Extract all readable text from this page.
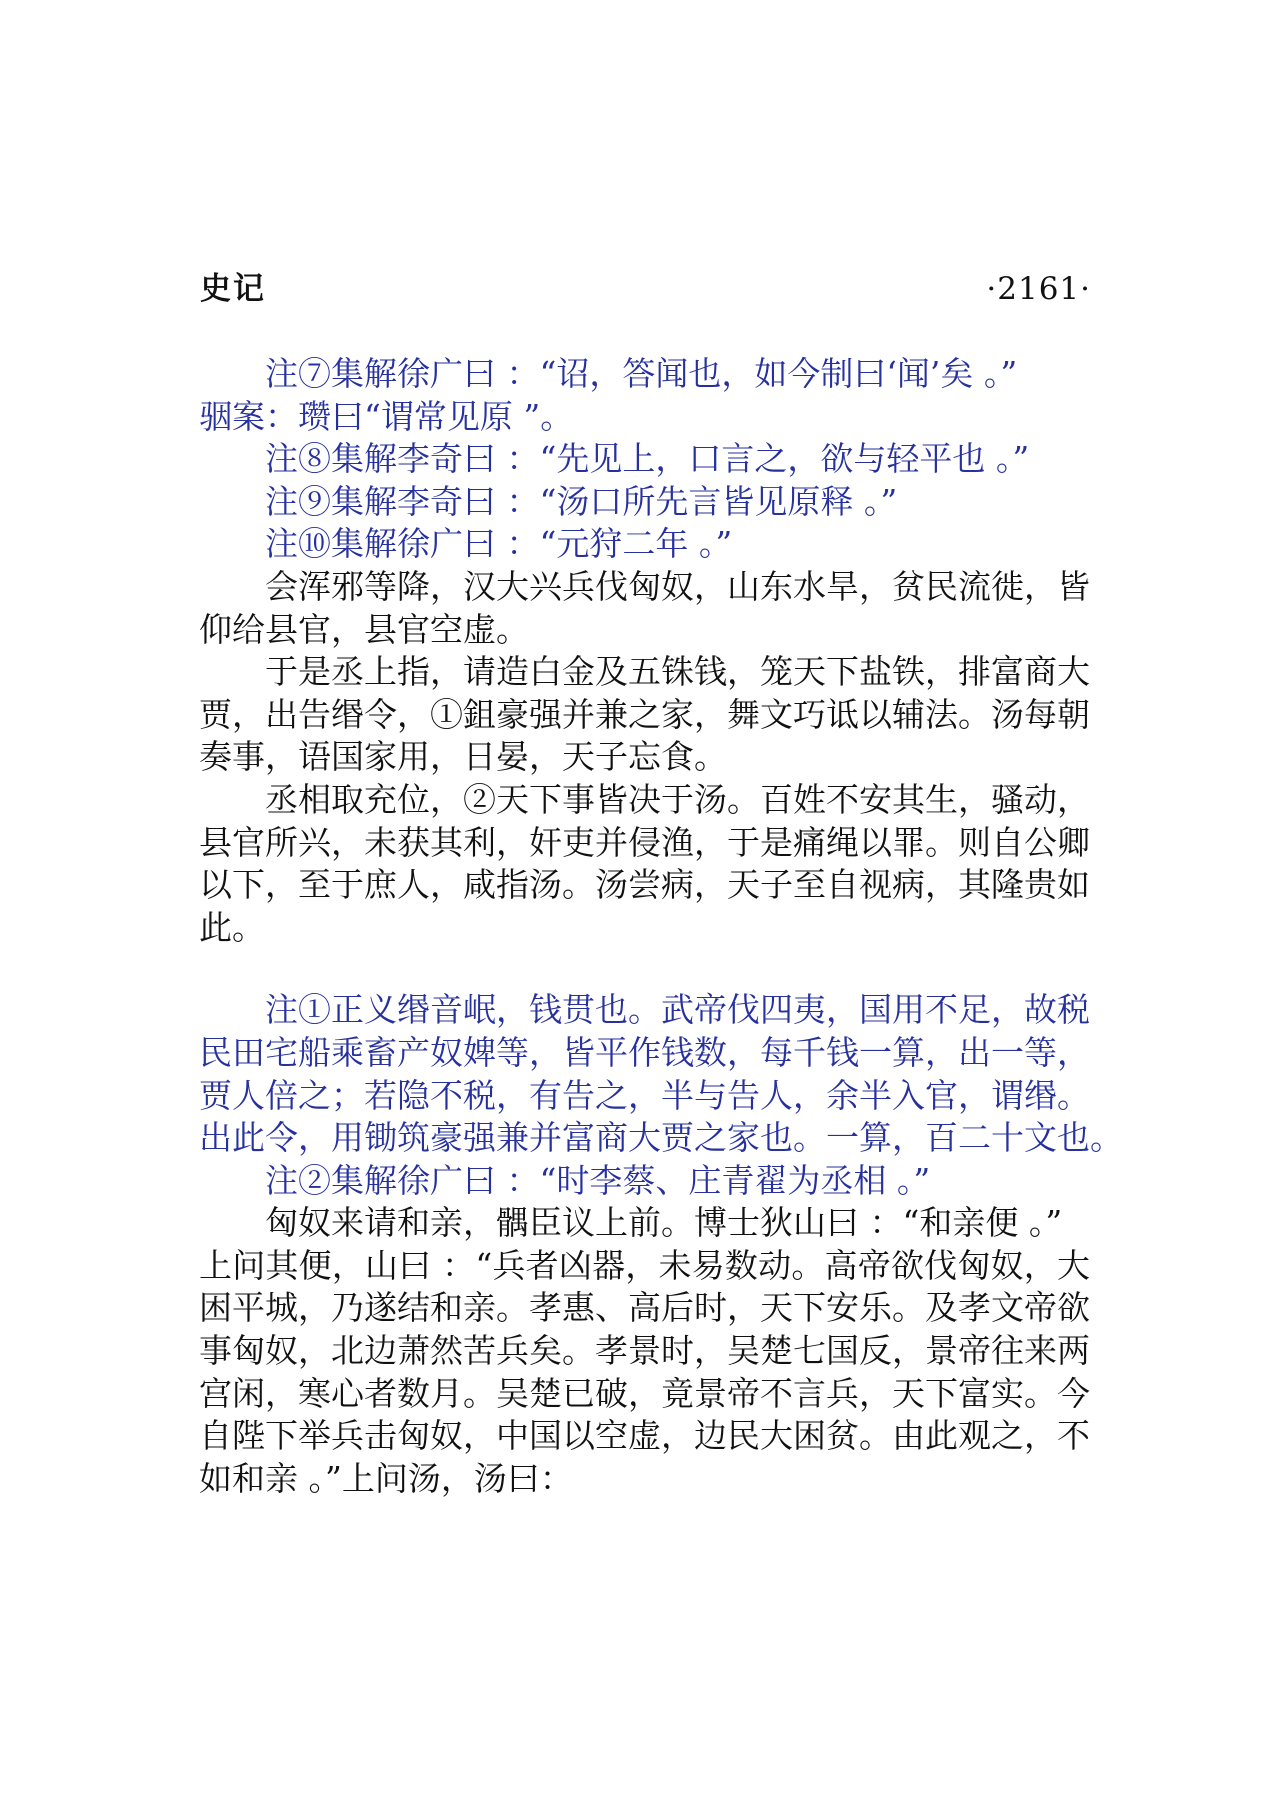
史记	·2161·
注⑦集解徐广曰 ：“诏，答闻也，如今制曰‘闻’矣 。”
骃案：瓒曰“谓常见原 ”。
注⑧集解李奇曰 ：“先见上，口言之，欲与轻平也 。”
注⑨集解李奇曰 ：“汤口所先言皆见原释 。”
注⑩集解徐广曰 ：“元狩二年 。”
会浑邪等降，汉大兴兵伐匈奴，山东水旱，贫民流徙，皆
仰给县官，县官空虚。
于是丞上指，请造白金及五铢钱，笼天下盐铁，排富商大
贾，出告缗令，①鉏豪强并兼之家，舞文巧诋以辅法。汤每朝
奏事，语国家用，日晏，天子忘食。
丞相取充位，②天下事皆决于汤。百姓不安其生，骚动，
县官所兴，未获其利，奸吏并侵渔，于是痛绳以罪。则自公卿
以下，至于庶人，咸指汤。汤尝病，天子至自视病，其隆贵如
此。
注①正义缗音岷，钱贯也。武帝伐四夷，国用不足，故税
民田宅船乘畜产奴婢等，皆平作钱数，每千钱一算，出一等，
贾人倍之；若隐不税，有告之，半与告人，余半入官，谓缗。
出此令，用锄筑豪强兼并富商大贾之家也。一算，百二十文也。
注②集解徐广曰 ：“时李蔡、庄青翟为丞相 。”
匈奴来请和亲，髃臣议上前。博士狄山曰 ：“和亲便 。”
上问其便，山曰 ：“兵者凶器，未易数动。高帝欲伐匈奴，大
困平城，乃遂结和亲。孝惠、高后时，天下安乐。及孝文帝欲
事匈奴，北边萧然苦兵矣。孝景时，吴楚七国反，景帝往来两
宫闲，寒心者数月。吴楚已破，竟景帝不言兵，天下富实。今
自陛下举兵击匈奴，中国以空虚，边民大困贫。由此观之，不
如和亲 。”上问汤，汤曰：
